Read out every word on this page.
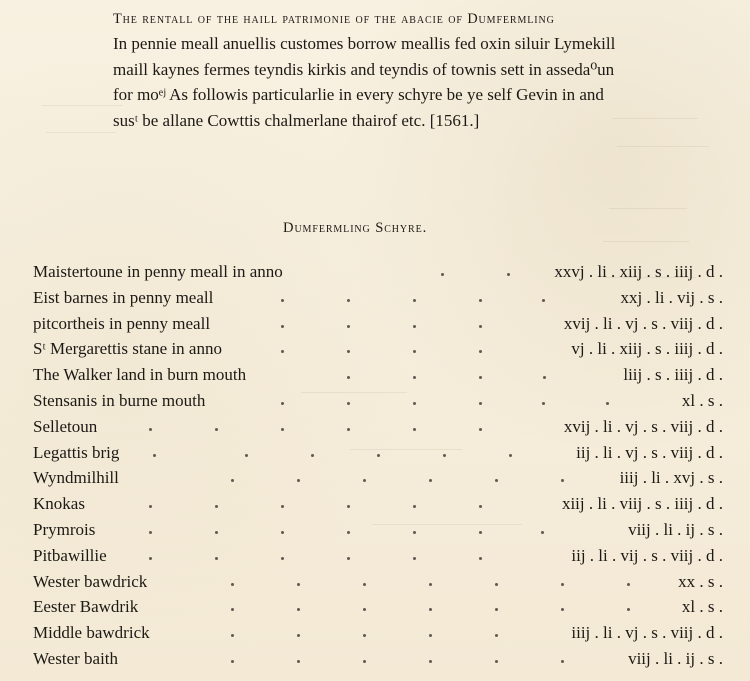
The rentall of the haill patrimonie of the abacie of Dumfermling

In pennie meall anuellis customes borrow meallis fed oxin siluir Lymekill

maill kaynes fermes teyndis kirkis and teyndis of townis sett in asseda⁰un

for moᵉʲ As followis particularlie in every schyre be ye self Gevin in and

susᵗ be allane Cowttis chalmerlane thairof etc. [1561.]

Dumfermling Schyre.
Maistertoune in penny meall in anno	xxvj . li . xiij . s . iiij . d .
Eist barnes in penny meall	xxj . li . vij . s .
pitcortheis in penny meall	xvij . li . vj . s . viij . d .
Sᵗ Mergarettis stane in anno	vj . li . xiij . s . iiij . d .
The Walker land in burn mouth	liij . s . iiij . d .
Stensanis in burne mouth	xl . s .
Selletoun	xvij . li . vj . s . viij . d .
Legattis brig	iij . li . vj . s . viij . d .
Wyndmilhill	iiij . li . xvj . s .
Knokas	xiij . li . viij . s . iiij . d .
Prymrois	viij . li . ij . s .
Pitbawillie	iij . li . vij . s . viij . d .
Wester bawdrick	xx . s .
Eester Bawdrik	xl . s .
Middle bawdrick	iiij . li . vj . s . viij . d .
Wester baith	viij . li . ij . s .
